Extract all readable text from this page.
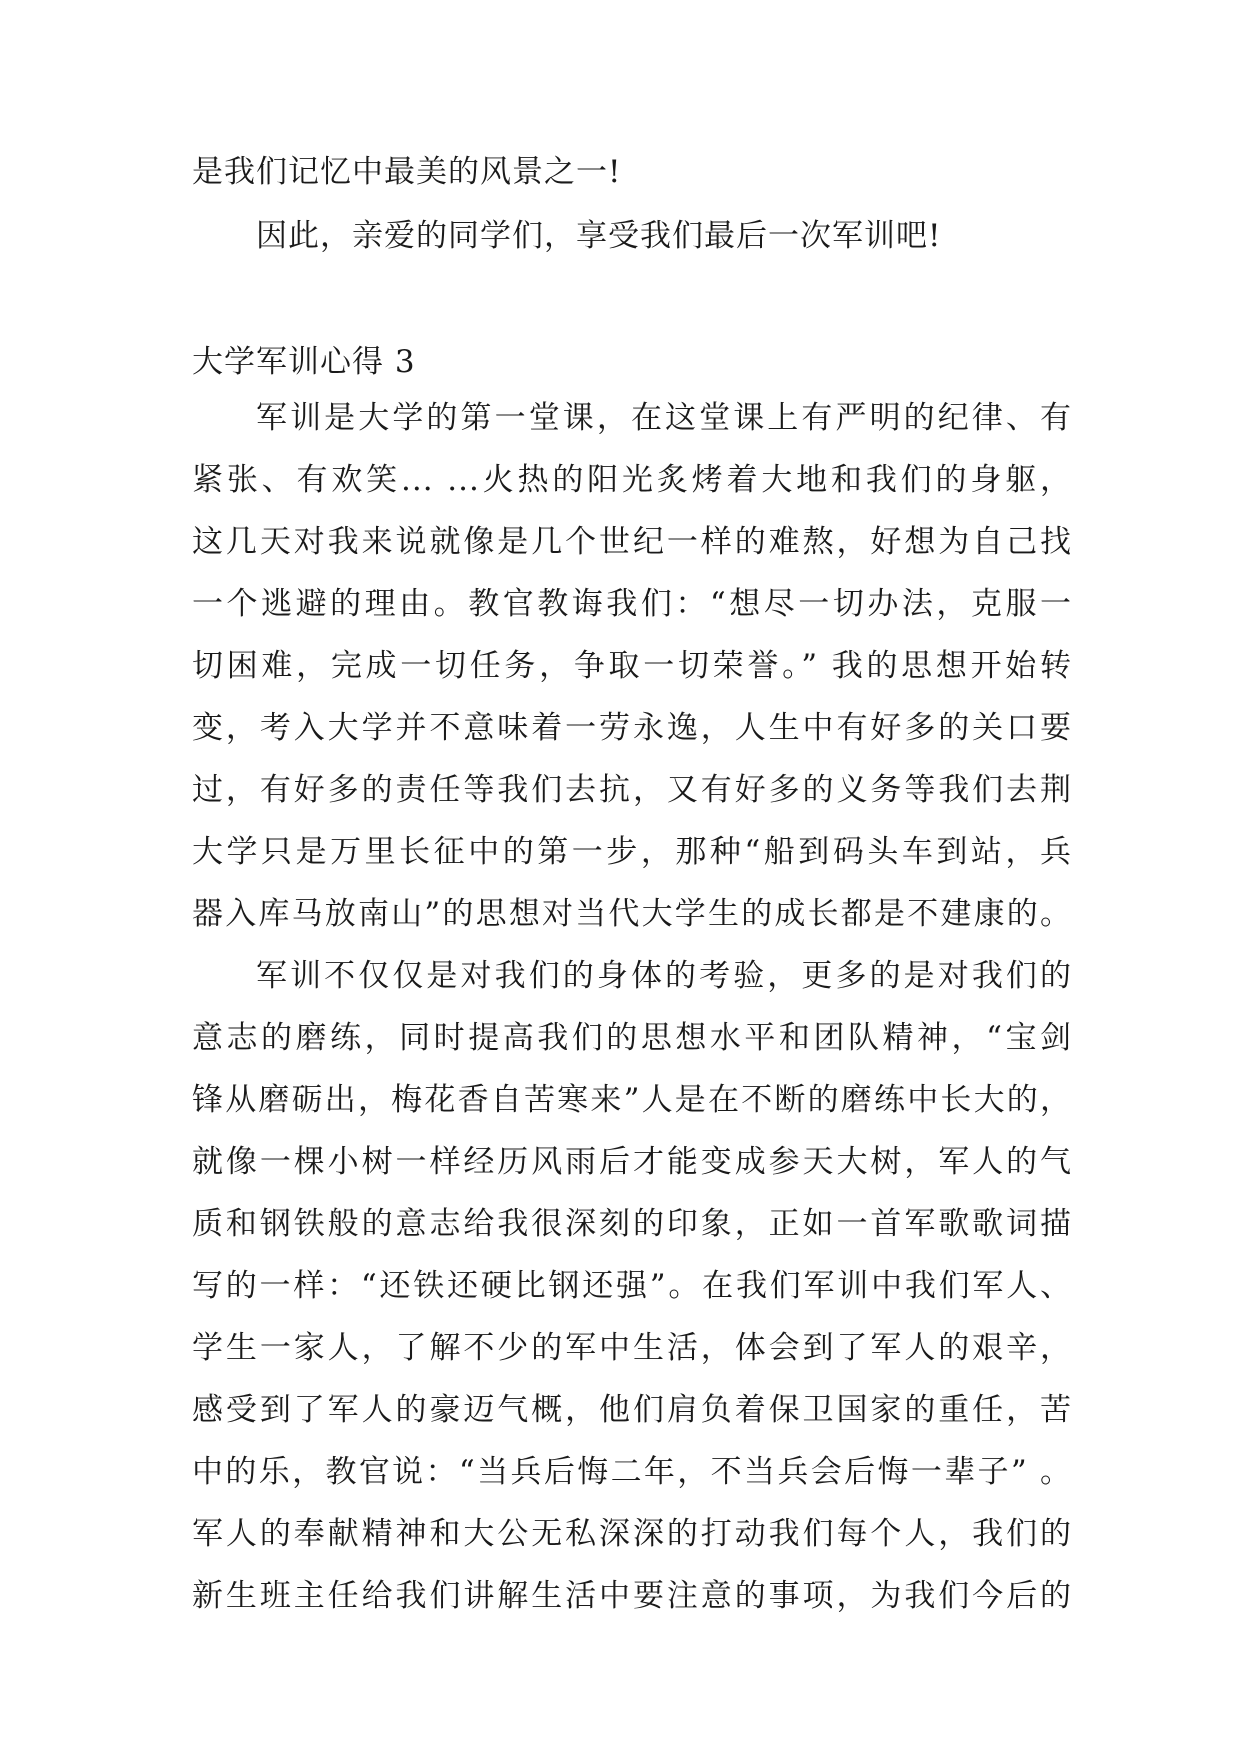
是我们记忆中最美的风景之一!
因此，亲爱的同学们，享受我们最后一次军训吧!
大学军训心得 3
军训是大学的第一堂课，在这堂课上有严明的纪律、有
紧张、有欢笑... ...火热的阳光炙烤着大地和我们的身躯，
这几天对我来说就像是几个世纪一样的难熬，好想为自己找
一个逃避的理由。教官教诲我们：“想尽一切办法，克服一
切困难，完成一切任务，争取一切荣誉。” 我的思想开始转
变，考入大学并不意味着一劳永逸，人生中有好多的关口要
过，有好多的责任等我们去抗，又有好多的义务等我们去荆
大学只是万里长征中的第一步，那种“船到码头车到站，兵
器入库马放南山”的思想对当代大学生的成长都是不建康的。
军训不仅仅是对我们的身体的考验，更多的是对我们的
意志的磨练，同时提高我们的思想水平和团队精神，“宝剑
锋从磨砺出，梅花香自苦寒来”人是在不断的磨练中长大的，
就像一棵小树一样经历风雨后才能变成参天大树，军人的气
质和钢铁般的意志给我很深刻的印象，正如一首军歌歌词描
写的一样：“还铁还硬比钢还强”。在我们军训中我们军人、
学生一家人，了解不少的军中生活，体会到了军人的艰辛，
感受到了军人的豪迈气概，他们肩负着保卫国家的重任，苦
中的乐，教官说：“当兵后悔二年，不当兵会后悔一辈子” 。
军人的奉献精神和大公无私深深的打动我们每个人，我们的
新生班主任给我们讲解生活中要注意的事项，为我们今后的
